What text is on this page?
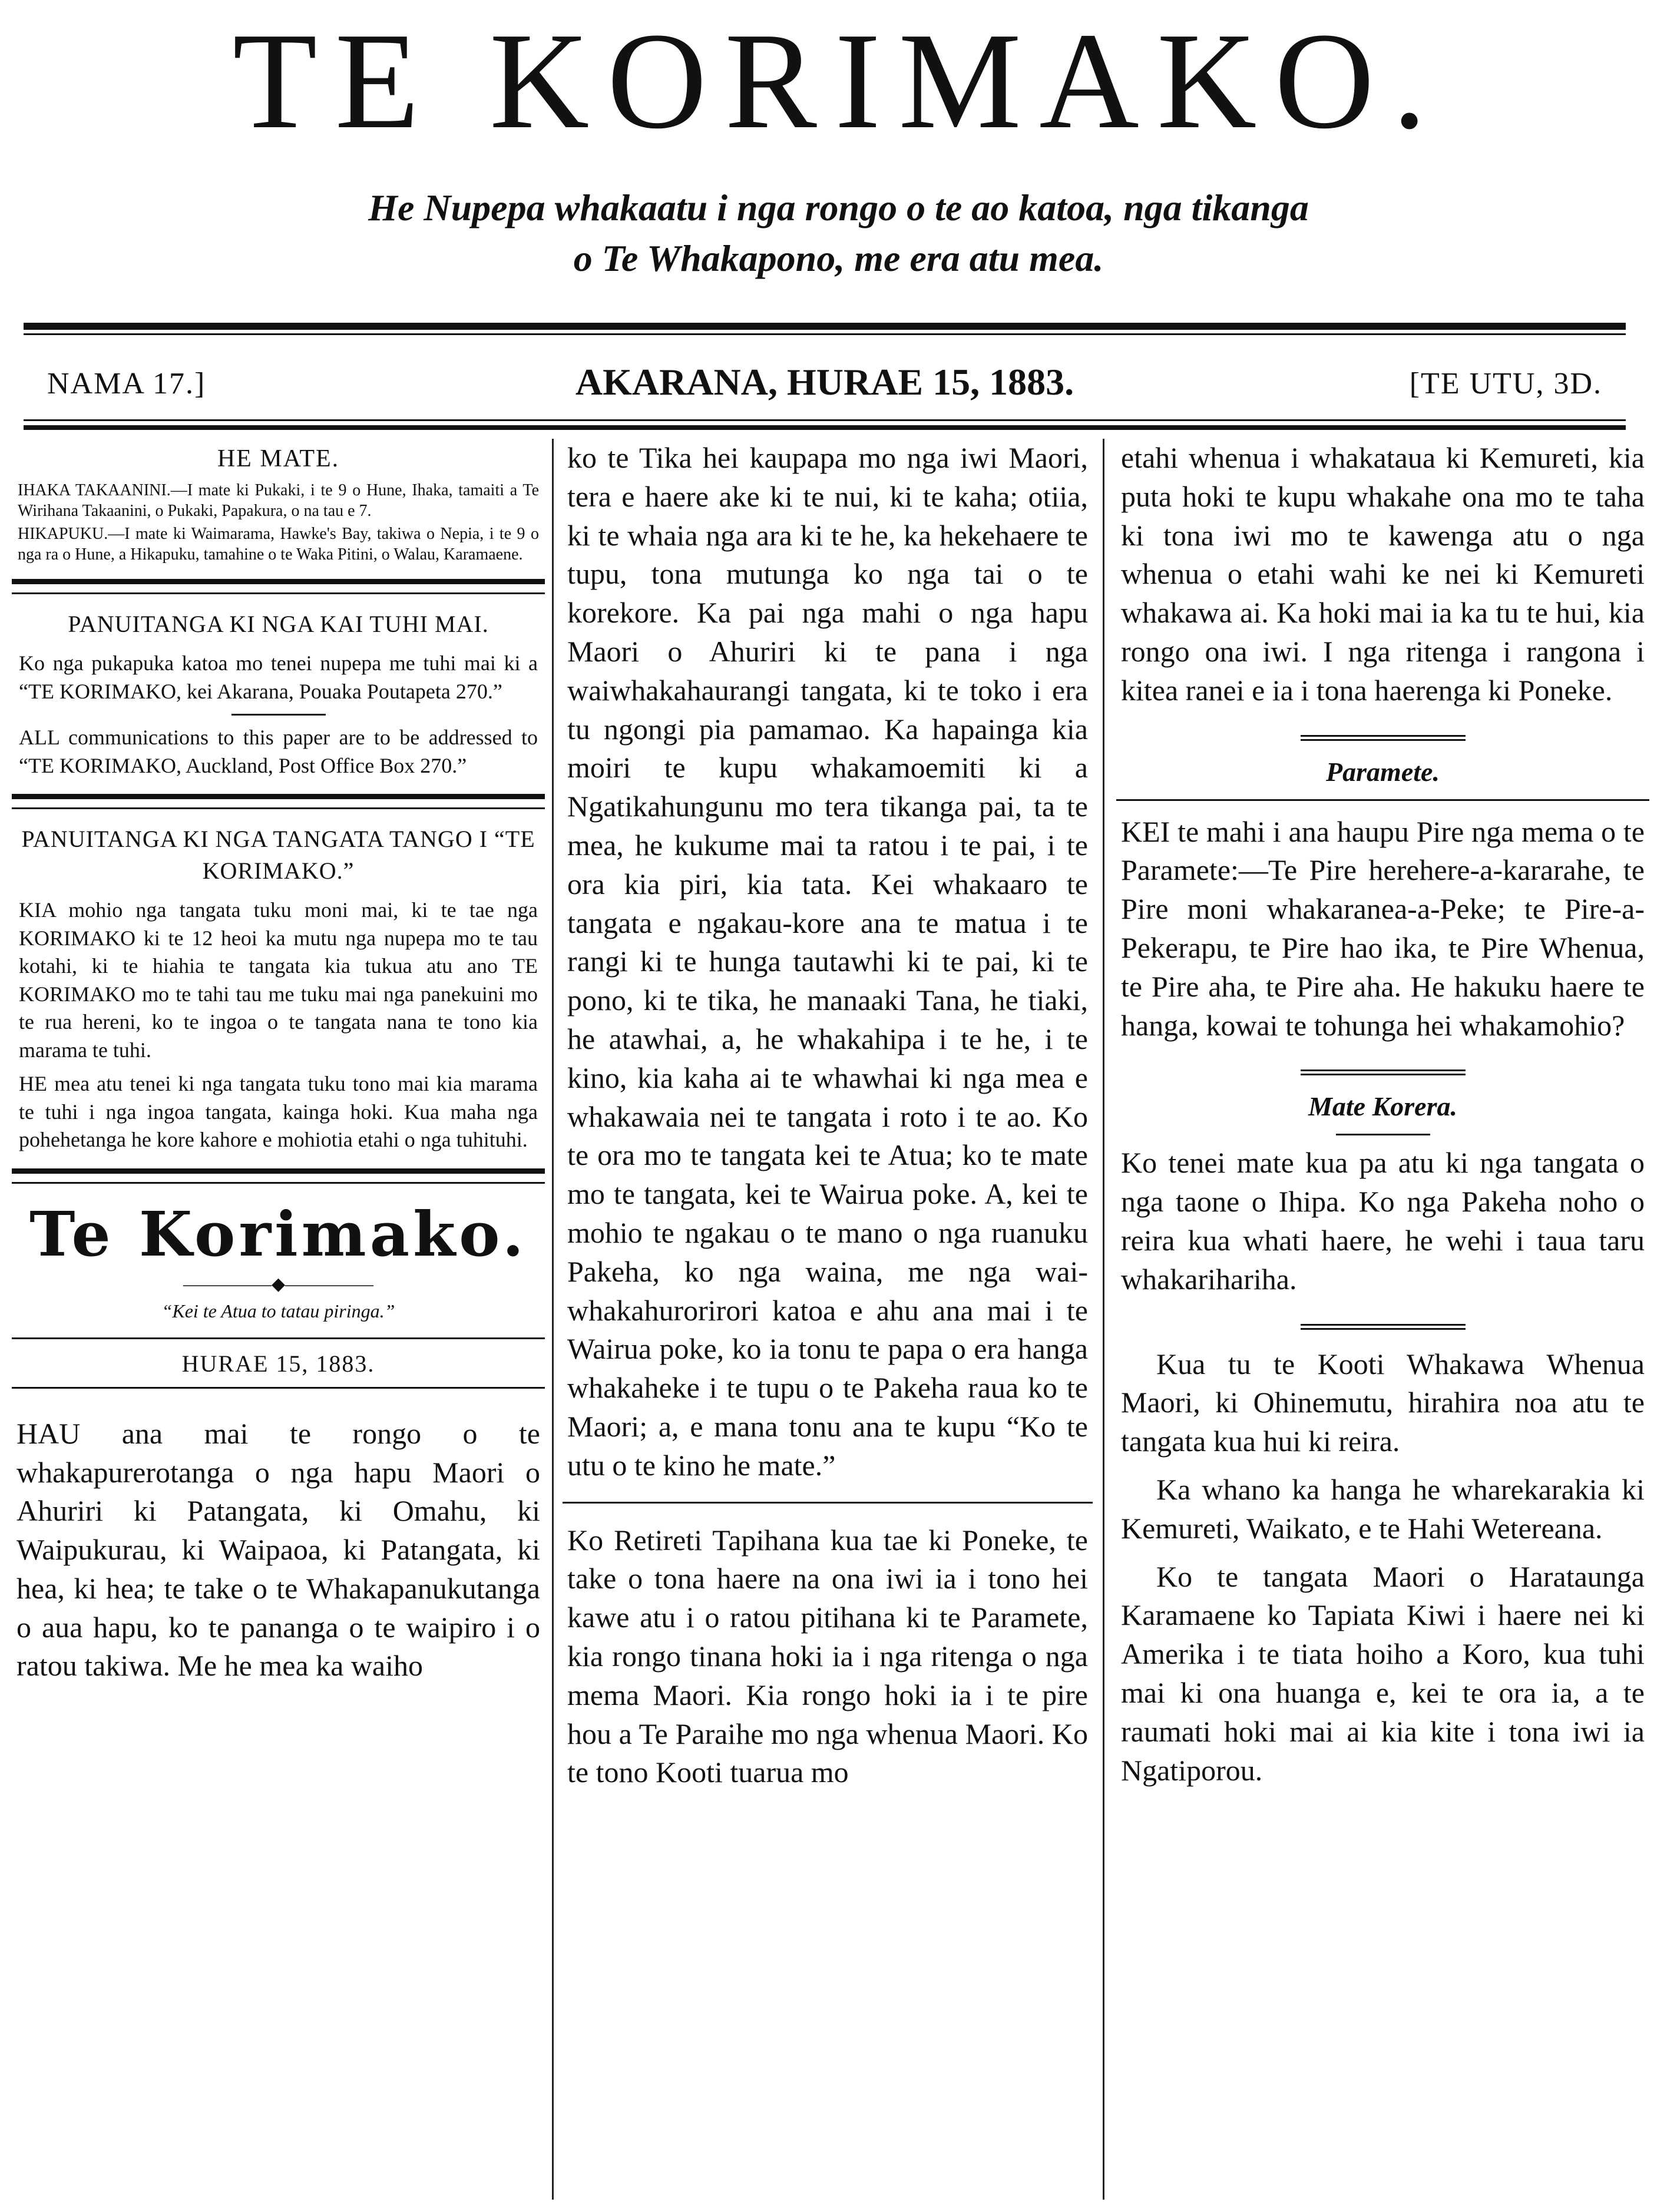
TE KORIMAKO.
He Nupepa whakaatu i nga rongo o te ao katoa, nga tikanga
o Te Whakapono, me era atu mea.
NAMA 17.]	AKARANA, HURAE 15, 1883.	[TE UTU, 3D.
HE MATE.

IHAKA TAKAANINI.—I mate ki Pukaki, i te 9 o Hune, Ihaka, tamaiti a Te Wirihana Takaanini, o Pukaki, Papakura, o na tau e 7.

HIKAPUKU.—I mate ki Waimarama, Hawke's Bay, takiwa o Nepia, i te 9 o nga ra o Hune, a Hikapuku, tamahine o te Waka Pitini, o Walau, Karamaene.

PANUITANGA KI NGA KAI TUHI MAI.

Ko nga pukapuka katoa mo tenei nupepa me tuhi mai ki a “TE KORIMAKO, kei Akarana, Pouaka Poutapeta 270.”

ALL communications to this paper are to be addressed to “TE KORIMAKO, Auckland, Post Office Box 270.”

PANUITANGA KI NGA TANGATA TANGO I “TE KORIMAKO.”

KIA mohio nga tangata tuku moni mai, ki te tae nga KORIMAKO ki te 12 heoi ka mutu nga nupepa mo te tau kotahi, ki te hiahia te tangata kia tukua atu ano TE KORIMAKO mo te tahi tau me tuku mai nga panekuini mo te rua hereni, ko te ingoa o te tangata nana te tono kia marama te tuhi.

HE mea atu tenei ki nga tangata tuku tono mai kia marama te tuhi i nga ingoa tangata, kainga hoki. Kua maha nga pohehetanga he kore kahore e mohiotia etahi o nga tuhituhi.

Te Korimako.
—————◆—————
“Kei te Atua to tatau piringa.”
HURAE 15, 1883.

HAU ana mai te rongo o te whakapurerotanga o nga hapu Maori o Ahuriri ki Patangata, ki Omahu, ki Waipukurau, ki Waipaoa, ki Patangata, ki hea, ki hea; te take o te Whakapanukutanga o aua hapu, ko te pananga o te waipiro i o ratou takiwa. Me he mea ka waiho

ko te Tika hei kaupapa mo nga iwi Maori, tera e haere ake ki te nui, ki te kaha; otiia, ki te whaia nga ara ki te he, ka hekehaere te tupu, tona mutunga ko nga tai o te korekore. Ka pai nga mahi o nga hapu Maori o Ahuriri ki te pana i nga waiwhakahaurangi tangata, ki te toko i era tu ngongi pia pamamao. Ka hapainga kia moiri te kupu whakamoemiti ki a Ngatikahungunu mo tera tikanga pai, ta te mea, he kukume mai ta ratou i te pai, i te ora kia piri, kia tata. Kei whakaaro te tangata e ngakau-kore ana te matua i te rangi ki te hunga tautawhi ki te pai, ki te pono, ki te tika, he manaaki Tana, he tiaki, he atawhai, a, he whakahipa i te he, i te kino, kia kaha ai te whawhai ki nga mea e whakawaia nei te tangata i roto i te ao. Ko te ora mo te tangata kei te Atua; ko te mate mo te tangata, kei te Wairua poke. A, kei te mohio te ngakau o te mano o nga ruanuku Pakeha, ko nga waina, me nga wai-whakahurorirori katoa e ahu ana mai i te Wairua poke, ko ia tonu te papa o era hanga whakaheke i te tupu o te Pakeha raua ko te Maori; a, e mana tonu ana te kupu “Ko te utu o te kino he mate.”

Ko Retireti Tapihana kua tae ki Poneke, te take o tona haere na ona iwi ia i tono hei kawe atu i o ratou pitihana ki te Paramete, kia rongo tinana hoki ia i nga ritenga o nga mema Maori. Kia rongo hoki ia i te pire hou a Te Paraihe mo nga whenua Maori. Ko te tono Kooti tuarua mo

etahi whenua i whakataua ki Kemureti, kia puta hoki te kupu whakahe ona mo te taha ki tona iwi mo te kawenga atu o nga whenua o etahi wahi ke nei ki Kemureti whakawa ai. Ka hoki mai ia ka tu te hui, kia rongo ona iwi. I nga ritenga i rangona i kitea ranei e ia i tona haerenga ki Poneke.

Paramete.

KEI te mahi i ana haupu Pire nga mema o te Paramete:—Te Pire herehere-a-kararahe, te Pire moni whakaranea-a-Peke; te Pire-a-Pekerapu, te Pire hao ika, te Pire Whenua, te Pire aha, te Pire aha. He hakuku haere te hanga, kowai te tohunga hei whakamohio?

Mate Korera.

Ko tenei mate kua pa atu ki nga tangata o nga taone o Ihipa. Ko nga Pakeha noho o reira kua whati haere, he wehi i taua taru whakarihariha.

Kua tu te Kooti Whakawa Whenua Maori, ki Ohinemutu, hirahira noa atu te tangata kua hui ki reira.

Ka whano ka hanga he wharekarakia ki Kemureti, Waikato, e te Hahi Wetereana.

Ko te tangata Maori o Harataunga Karamaene ko Tapiata Kiwi i haere nei ki Amerika i te tiata hoiho a Koro, kua tuhi mai ki ona huanga e, kei te ora ia, a te raumati hoki mai ai kia kite i tona iwi ia Ngatiporou.
